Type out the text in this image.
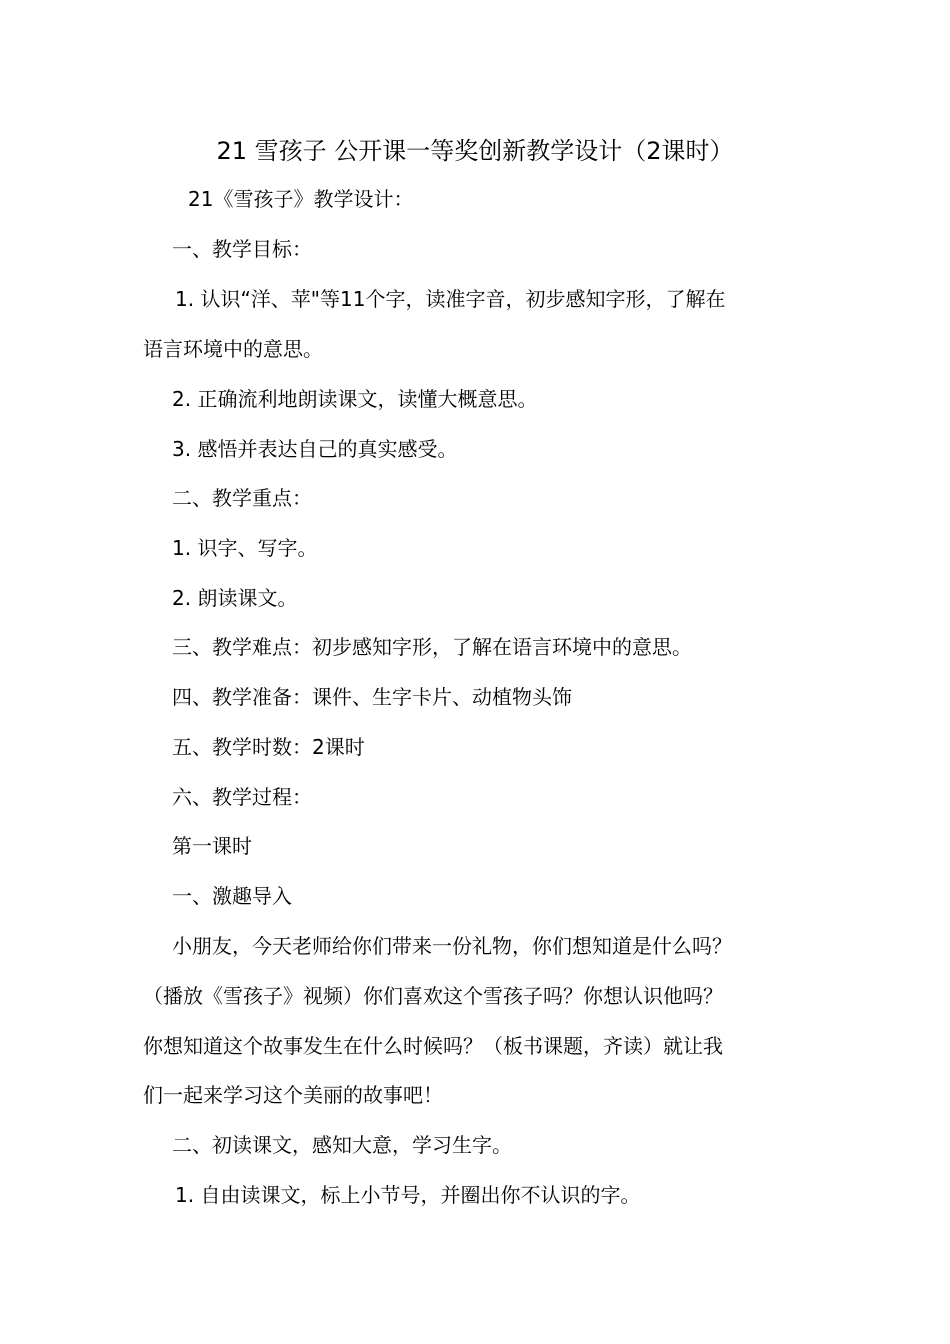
21 雪孩子 公开课一等奖创新教学设计（2课时）
21《雪孩子》教学设计：
一、教学目标：
1. 认识“洋、苹"等11个字，读准字音，初步感知字形，了解在
语言环境中的意思。
2. 正确流利地朗读课文，读懂大概意思。
3. 感悟并表达自己的真实感受。
二、教学重点：
1. 识字、写字。
2. 朗读课文。
三、教学难点：初步感知字形，了解在语言环境中的意思。
四、教学准备：课件、生字卡片、动植物头饰
五、教学时数：2课时
六、教学过程：
第一课时
一、激趣导入
小朋友，今天老师给你们带来一份礼物，你们想知道是什么吗？
（播放《雪孩子》视频）你们喜欢这个雪孩子吗？你想认识他吗？
你想知道这个故事发生在什么时候吗？（板书课题，齐读）就让我
们一起来学习这个美丽的故事吧！
二、初读课文，感知大意，学习生字。
1. 自由读课文，标上小节号，并圈出你不认识的字。
